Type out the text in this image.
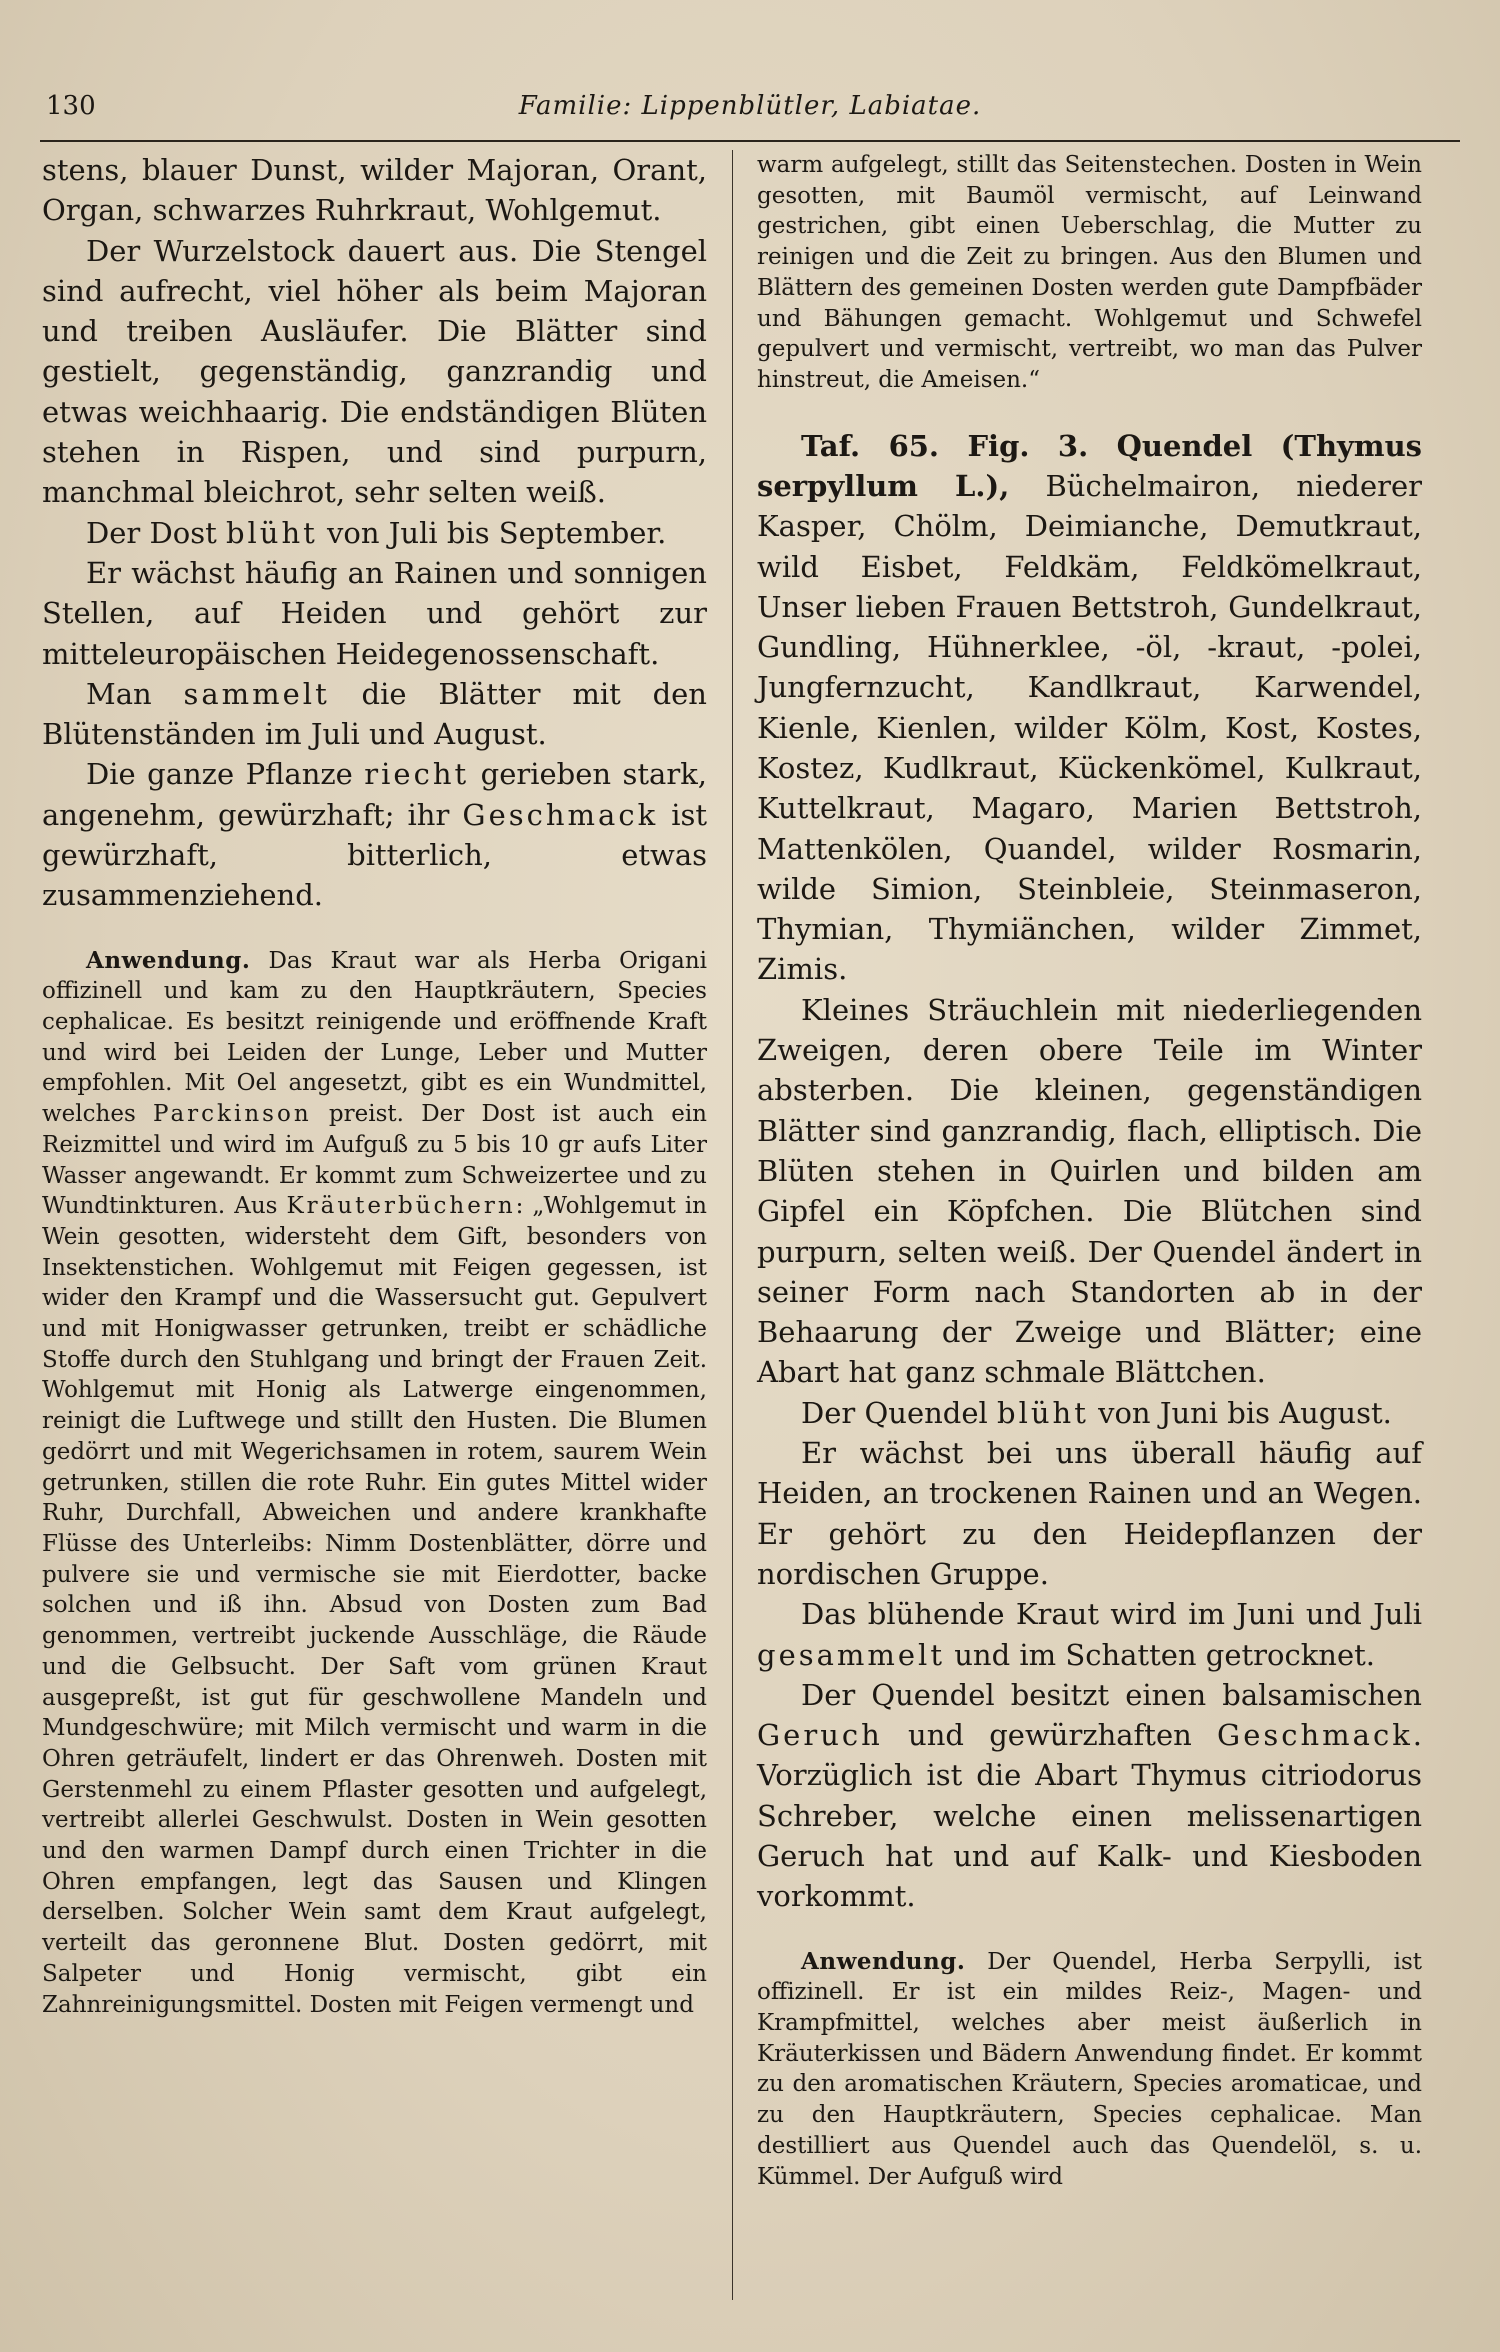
130	Familie: Lippenblütler, Labiatae.

stens, blauer Dunst, wilder Majoran, Orant, Organ, schwarzes Ruhrkraut, Wohlgemut.

Der Wurzelstock dauert aus. Die Stengel sind aufrecht, viel höher als beim Majoran und treiben Ausläufer. Die Blätter sind gestielt, gegenständig, ganzrandig und etwas weichhaarig. Die endständigen Blüten stehen in Rispen, und sind purpurn, manchmal bleichrot, sehr selten weiß.

Der Dost blüht von Juli bis September.

Er wächst häufig an Rainen und sonnigen Stellen, auf Heiden und gehört zur mitteleuropäischen Heidegenossenschaft.

Man sammelt die Blätter mit den Blütenständen im Juli und August.

Die ganze Pflanze riecht gerieben stark, angenehm, gewürzhaft; ihr Geschmack ist gewürzhaft, bitterlich, etwas zusammenziehend.

Anwendung. Das Kraut war als Herba Origani offizinell und kam zu den Hauptkräutern, Species cephalicae. Es besitzt reinigende und eröffnende Kraft und wird bei Leiden der Lunge, Leber und Mutter empfohlen. Mit Oel angesetzt, gibt es ein Wundmittel, welches Parckinson preist. Der Dost ist auch ein Reizmittel und wird im Aufguß zu 5 bis 10 gr aufs Liter Wasser angewandt. Er kommt zum Schweizertee und zu Wundtinkturen. Aus Kräuterbüchern: „Wohlgemut in Wein gesotten, widersteht dem Gift, besonders von Insektenstichen. Wohlgemut mit Feigen gegessen, ist wider den Krampf und die Wassersucht gut. Gepulvert und mit Honigwasser getrunken, treibt er schädliche Stoffe durch den Stuhlgang und bringt der Frauen Zeit. Wohlgemut mit Honig als Latwerge eingenommen, reinigt die Luftwege und stillt den Husten. Die Blumen gedörrt und mit Wegerichsamen in rotem, saurem Wein getrunken, stillen die rote Ruhr. Ein gutes Mittel wider Ruhr, Durchfall, Abweichen und andere krankhafte Flüsse des Unterleibs: Nimm Dostenblätter, dörre und pulvere sie und vermische sie mit Eierdotter, backe solchen und iß ihn. Absud von Dosten zum Bad genommen, vertreibt juckende Ausschläge, die Räude und die Gelbsucht. Der Saft vom grünen Kraut ausgepreßt, ist gut für geschwollene Mandeln und Mundgeschwüre; mit Milch vermischt und warm in die Ohren geträufelt, lindert er das Ohrenweh. Dosten mit Gerstenmehl zu einem Pflaster gesotten und aufgelegt, vertreibt allerlei Geschwulst. Dosten in Wein gesotten und den warmen Dampf durch einen Trichter in die Ohren empfangen, legt das Sausen und Klingen derselben. Solcher Wein samt dem Kraut aufgelegt, verteilt das geronnene Blut. Dosten gedörrt, mit Salpeter und Honig vermischt, gibt ein Zahnreinigungsmittel. Dosten mit Feigen vermengt und

warm aufgelegt, stillt das Seitenstechen. Dosten in Wein gesotten, mit Baumöl vermischt, auf Leinwand gestrichen, gibt einen Ueberschlag, die Mutter zu reinigen und die Zeit zu bringen. Aus den Blumen und Blättern des gemeinen Dosten werden gute Dampfbäder und Bähungen gemacht. Wohlgemut und Schwefel gepulvert und vermischt, vertreibt, wo man das Pulver hinstreut, die Ameisen.“

Taf. 65. Fig. 3. Quendel (Thymus serpyllum L.), Büchelmairon, niederer Kasper, Chölm, Deimianche, Demutkraut, wild Eisbet, Feldkäm, Feldkömelkraut, Unser lieben Frauen Bettstroh, Gundelkraut, Gundling, Hühnerklee, -öl, -kraut, -polei, Jungfernzucht, Kandlkraut, Karwendel, Kienle, Kienlen, wilder Kölm, Kost, Kostes, Kostez, Kudlkraut, Kückenkömel, Kulkraut, Kuttelkraut, Magaro, Marien Bettstroh, Mattenkölen, Quandel, wilder Rosmarin, wilde Simion, Steinbleie, Steinmaseron, Thymian, Thymiänchen, wilder Zimmet, Zimis.

Kleines Sträuchlein mit niederliegenden Zweigen, deren obere Teile im Winter absterben. Die kleinen, gegenständigen Blätter sind ganzrandig, flach, elliptisch. Die Blüten stehen in Quirlen und bilden am Gipfel ein Köpfchen. Die Blütchen sind purpurn, selten weiß. Der Quendel ändert in seiner Form nach Standorten ab in der Behaarung der Zweige und Blätter; eine Abart hat ganz schmale Blättchen.

Der Quendel blüht von Juni bis August.

Er wächst bei uns überall häufig auf Heiden, an trockenen Rainen und an Wegen. Er gehört zu den Heidepflanzen der nordischen Gruppe.

Das blühende Kraut wird im Juni und Juli gesammelt und im Schatten getrocknet.

Der Quendel besitzt einen balsamischen Geruch und gewürzhaften Geschmack. Vorzüglich ist die Abart Thymus citriodorus Schreber, welche einen melissenartigen Geruch hat und auf Kalk- und Kiesboden vorkommt.

Anwendung. Der Quendel, Herba Serpylli, ist offizinell. Er ist ein mildes Reiz-, Magen- und Krampfmittel, welches aber meist äußerlich in Kräuterkissen und Bädern Anwendung findet. Er kommt zu den aromatischen Kräutern, Species aromaticae, und zu den Hauptkräutern, Species cephalicae. Man destilliert aus Quendel auch das Quendelöl, s. u. Kümmel. Der Aufguß wird
